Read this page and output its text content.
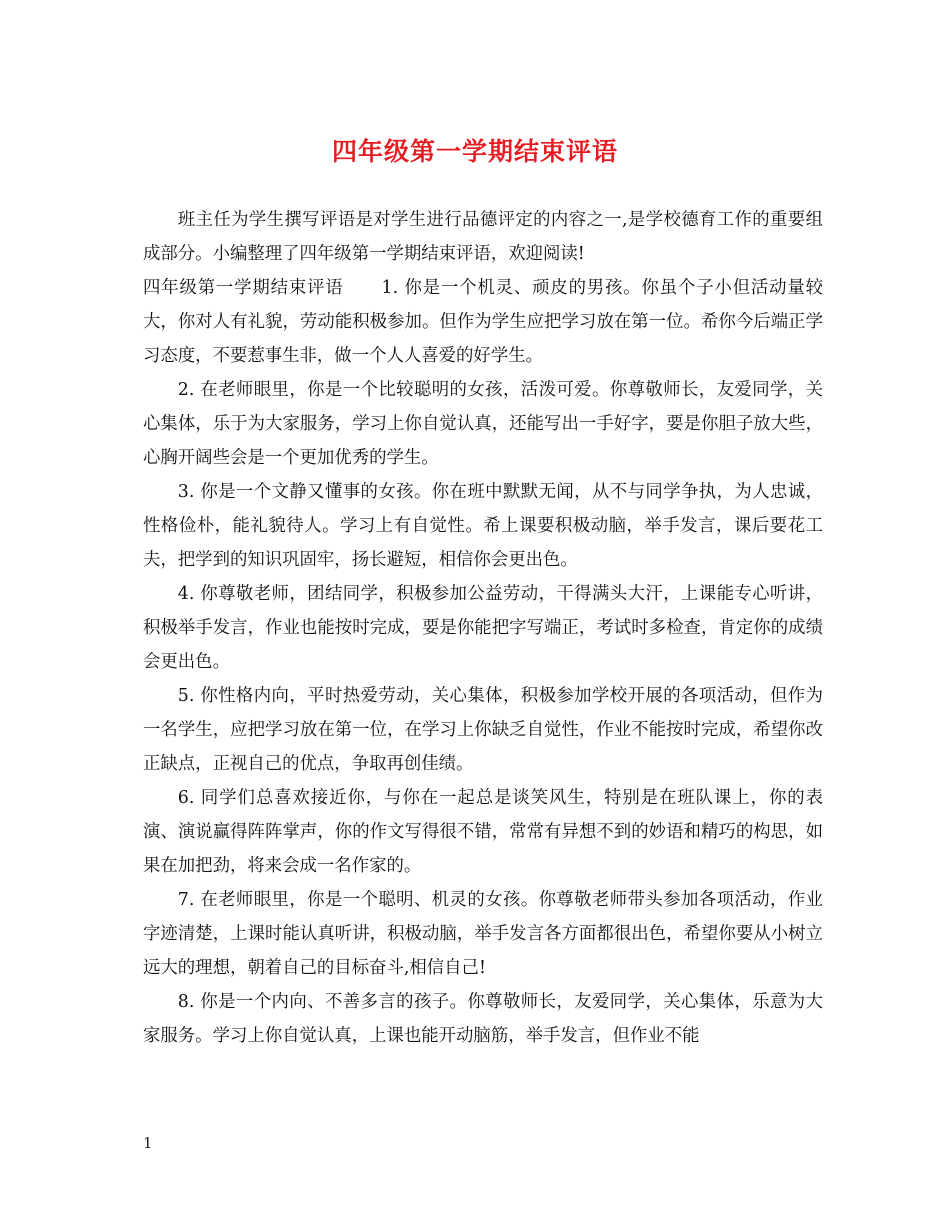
四年级第一学期结束评语

班主任为学生撰写评语是对学生进行品德评定的内容之一,是学校德育工作的重要组成部分。小编整理了四年级第一学期结束评语，欢迎阅读!

四年级第一学期结束评语 1. 你是一个机灵、顽皮的男孩。你虽个子小但活动量较大，你对人有礼貌，劳动能积极参加。但作为学生应把学习放在第一位。希你今后端正学习态度，不要惹事生非，做一个人人喜爱的好学生。

2. 在老师眼里，你是一个比较聪明的女孩，活泼可爱。你尊敬师长，友爱同学，关心集体，乐于为大家服务，学习上你自觉认真，还能写出一手好字，要是你胆子放大些，心胸开阔些会是一个更加优秀的学生。

3. 你是一个文静又懂事的女孩。你在班中默默无闻，从不与同学争执，为人忠诚，性格俭朴，能礼貌待人。学习上有自觉性。希上课要积极动脑，举手发言，课后要花工夫，把学到的知识巩固牢，扬长避短，相信你会更出色。

4. 你尊敬老师，团结同学，积极参加公益劳动，干得满头大汗，上课能专心听讲，积极举手发言，作业也能按时完成，要是你能把字写端正，考试时多检查，肯定你的成绩会更出色。

5. 你性格内向，平时热爱劳动，关心集体，积极参加学校开展的各项活动，但作为一名学生，应把学习放在第一位，在学习上你缺乏自觉性，作业不能按时完成，希望你改正缺点，正视自己的优点，争取再创佳绩。

6. 同学们总喜欢接近你，与你在一起总是谈笑风生，特别是在班队课上，你的表演、演说赢得阵阵掌声，你的作文写得很不错，常常有异想不到的妙语和精巧的构思，如果在加把劲，将来会成一名作家的。

7. 在老师眼里，你是一个聪明、机灵的女孩。你尊敬老师带头参加各项活动，作业字迹清楚，上课时能认真听讲，积极动脑，举手发言各方面都很出色，希望你要从小树立远大的理想，朝着自己的目标奋斗,相信自己!

8. 你是一个内向、不善多言的孩子。你尊敬师长，友爱同学，关心集体，乐意为大家服务。学习上你自觉认真，上课也能开动脑筋，举手发言，但作业不能

1
